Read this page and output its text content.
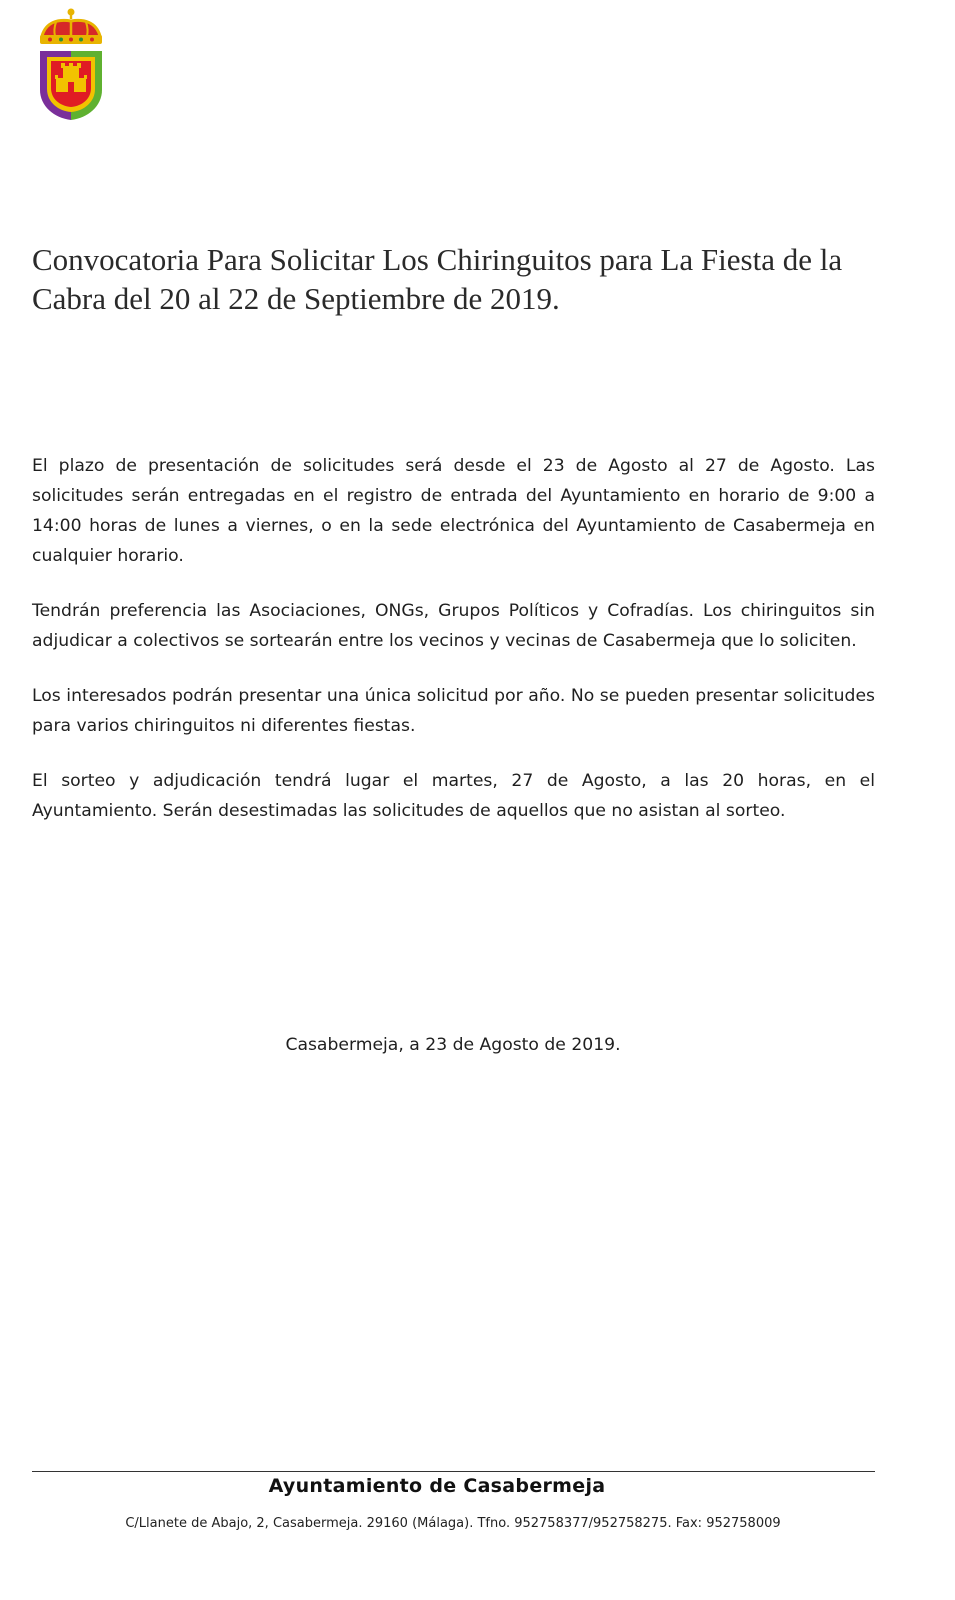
Convocatoria Para Solicitar Los Chiringuitos para La Fiesta de la Cabra del 20 al 22 de Septiembre de 2019.

El plazo de presentación de solicitudes será desde el 23 de Agosto al 27 de Agosto. Las solicitudes serán entregadas en el registro de entrada del Ayuntamiento en horario de 9:00 a 14:00 horas de lunes a viernes, o en la sede electrónica del Ayuntamiento de Casabermeja en cualquier horario.

Tendrán preferencia las Asociaciones, ONGs, Grupos Políticos y Cofradías. Los chiringuitos sin adjudicar a colectivos se sortearán entre los vecinos y vecinas de Casabermeja que lo soliciten.

Los interesados podrán presentar una única solicitud por año. No se pueden presentar solicitudes para varios chiringuitos ni diferentes fiestas.

El sorteo y adjudicación tendrá lugar el martes, 27 de Agosto, a las 20 horas, en el Ayuntamiento. Serán desestimadas las solicitudes de aquellos que no asistan al sorteo.

Casabermeja, a 23 de Agosto de 2019.
Ayuntamiento de Casabermeja
C/Llanete de Abajo, 2, Casabermeja. 29160 (Málaga). Tfno. 952758377/952758275. Fax: 952758009
